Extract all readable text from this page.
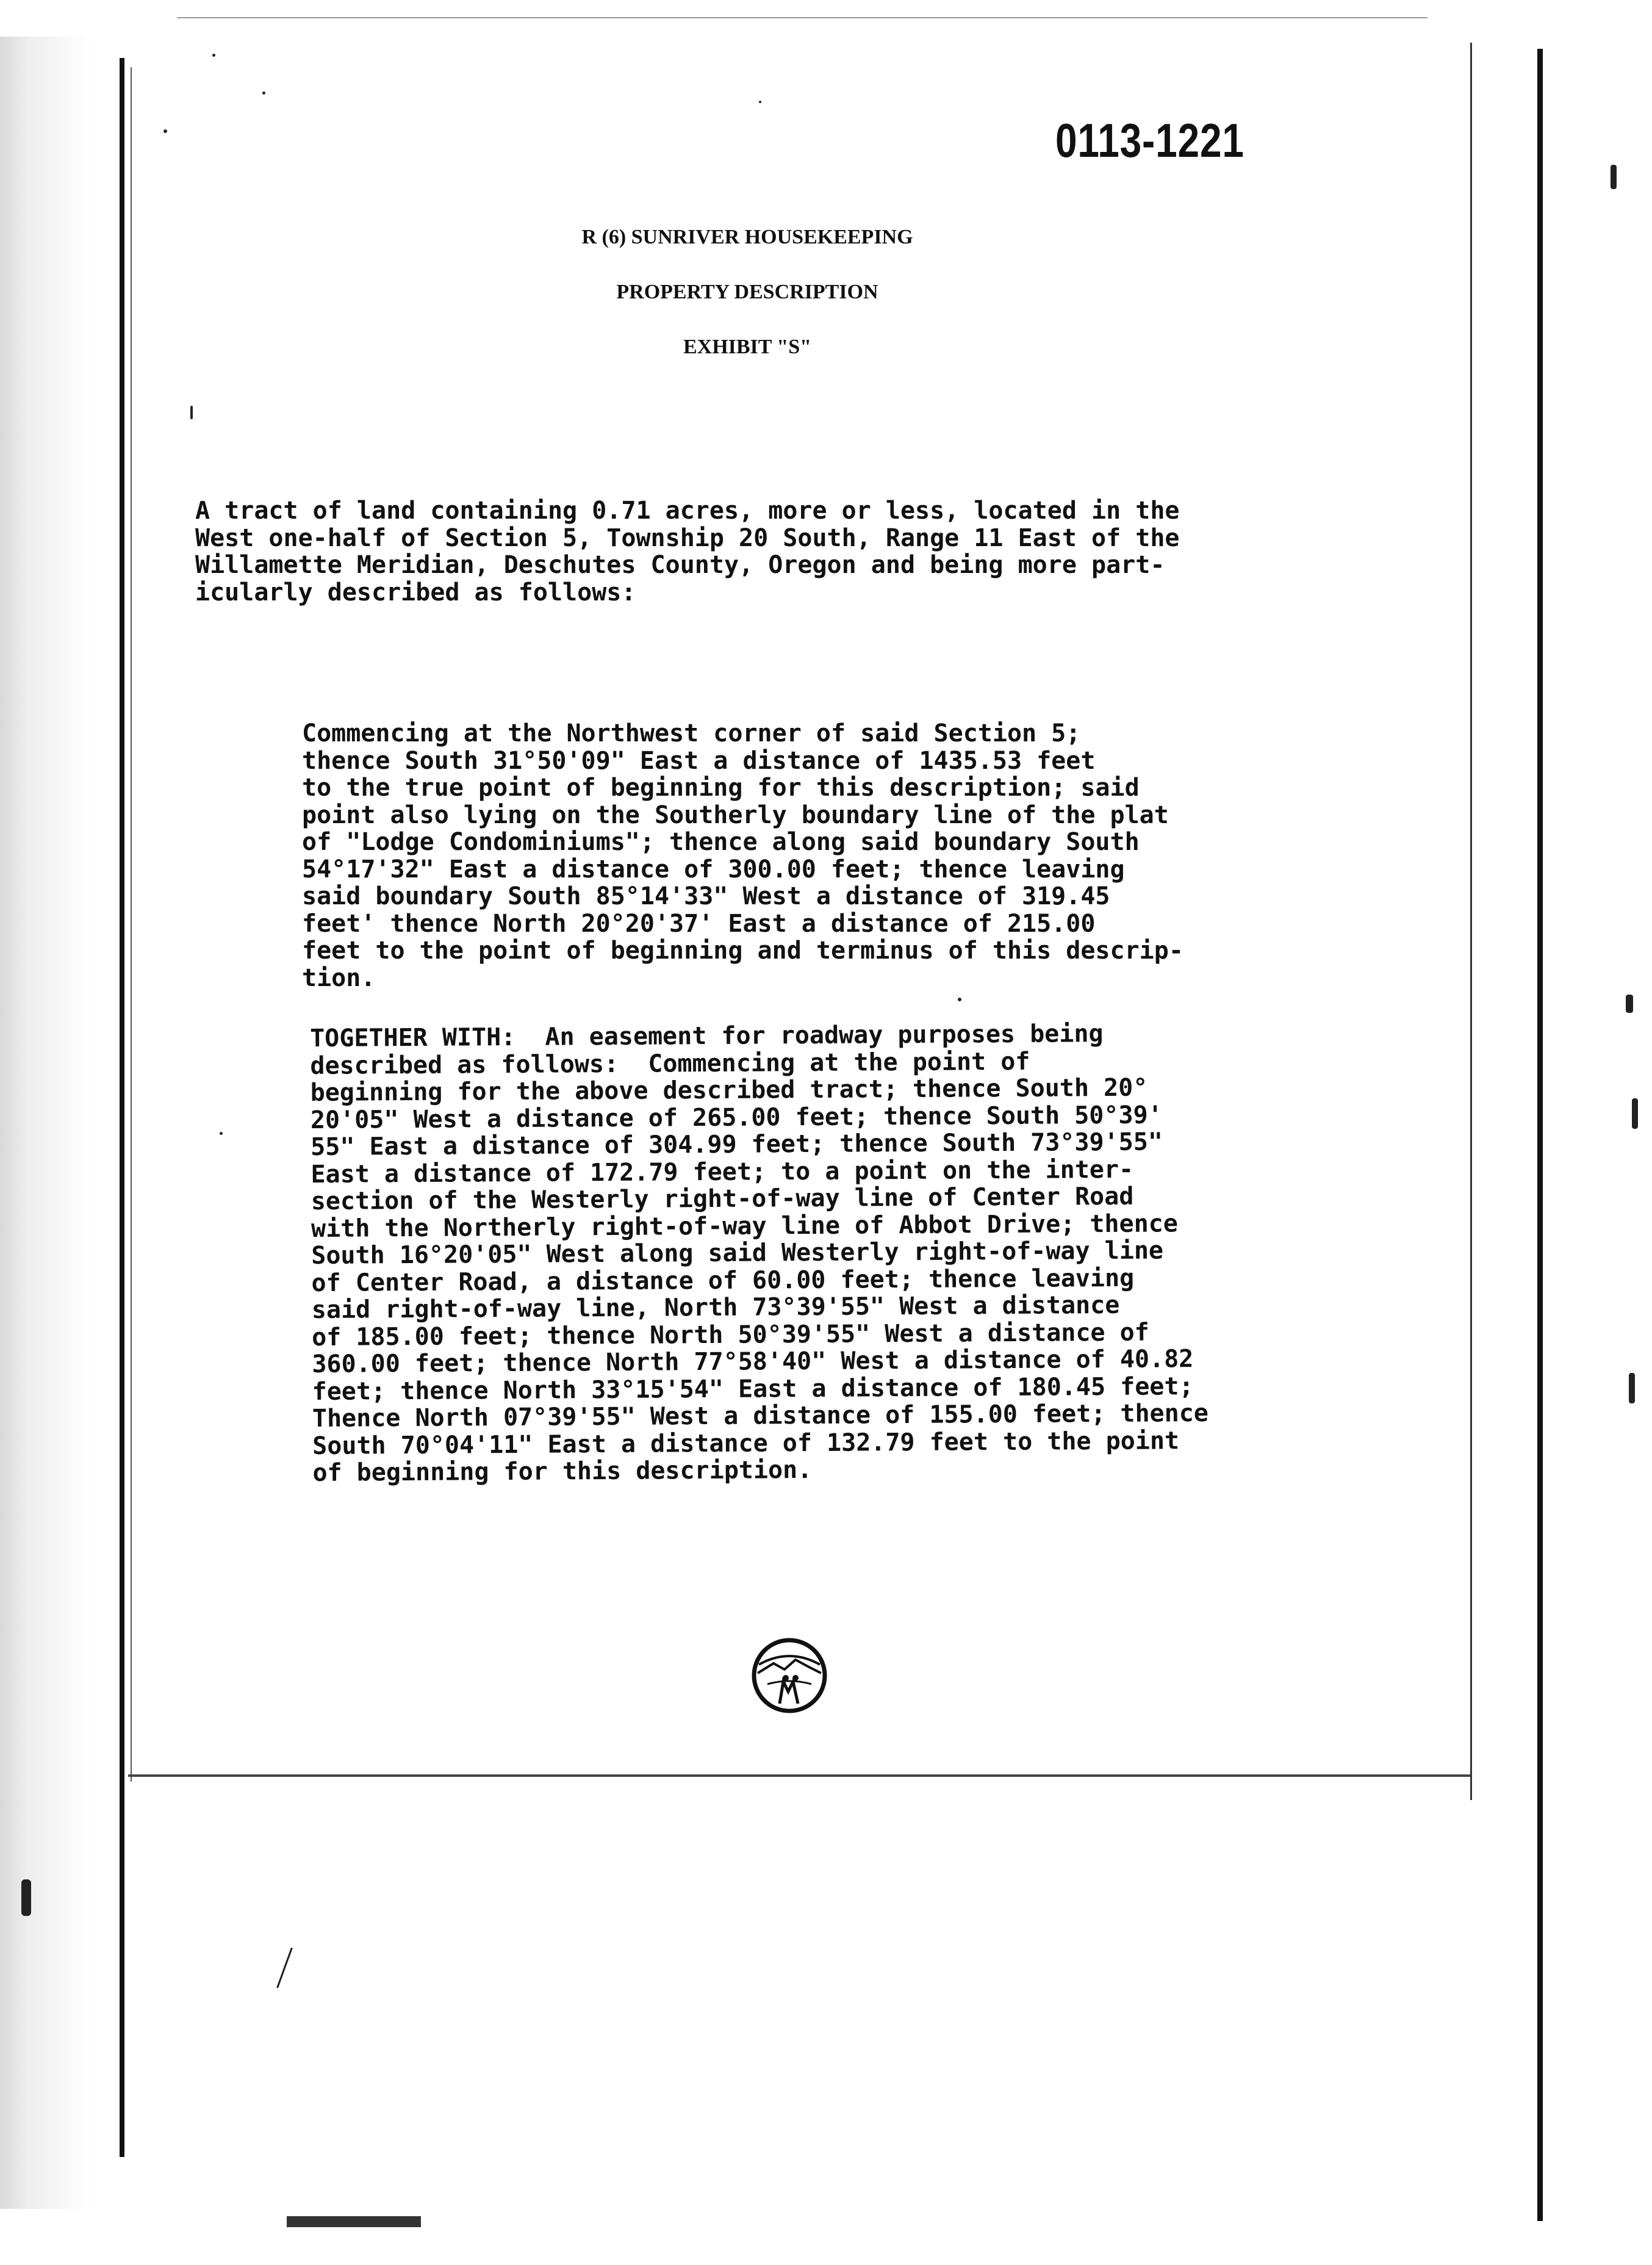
0113-1221
R (6) SUNRIVER HOUSEKEEPING
PROPERTY DESCRIPTION
EXHIBIT "S"
A tract of land containing 0.71 acres, more or less, located in the
West one-half of Section 5, Township 20 South, Range 11 East of the
Willamette Meridian, Deschutes County, Oregon and being more part-
icularly described as follows:
Commencing at the Northwest corner of said Section 5;
thence South 31°50'09" East a distance of 1435.53 feet
to the true point of beginning for this description; said
point also lying on the Southerly boundary line of the plat
of "Lodge Condominiums"; thence along said boundary South
54°17'32" East a distance of 300.00 feet; thence leaving
said boundary South 85°14'33" West a distance of 319.45
feet' thence North 20°20'37' East a distance of 215.00
feet to the point of beginning and terminus of this descrip-
tion.
TOGETHER WITH:  An easement for roadway purposes being
described as follows:  Commencing at the point of
beginning for the above described tract; thence South 20°
20'05" West a distance of 265.00 feet; thence South 50°39'
55" East a distance of 304.99 feet; thence South 73°39'55"
East a distance of 172.79 feet; to a point on the inter-
section of the Westerly right-of-way line of Center Road
with the Northerly right-of-way line of Abbot Drive; thence
South 16°20'05" West along said Westerly right-of-way line
of Center Road, a distance of 60.00 feet; thence leaving
said right-of-way line, North 73°39'55" West a distance
of 185.00 feet; thence North 50°39'55" West a distance of
360.00 feet; thence North 77°58'40" West a distance of 40.82
feet; thence North 33°15'54" East a distance of 180.45 feet;
Thence North 07°39'55" West a distance of 155.00 feet; thence
South 70°04'11" East a distance of 132.79 feet to the point
of beginning for this description.
